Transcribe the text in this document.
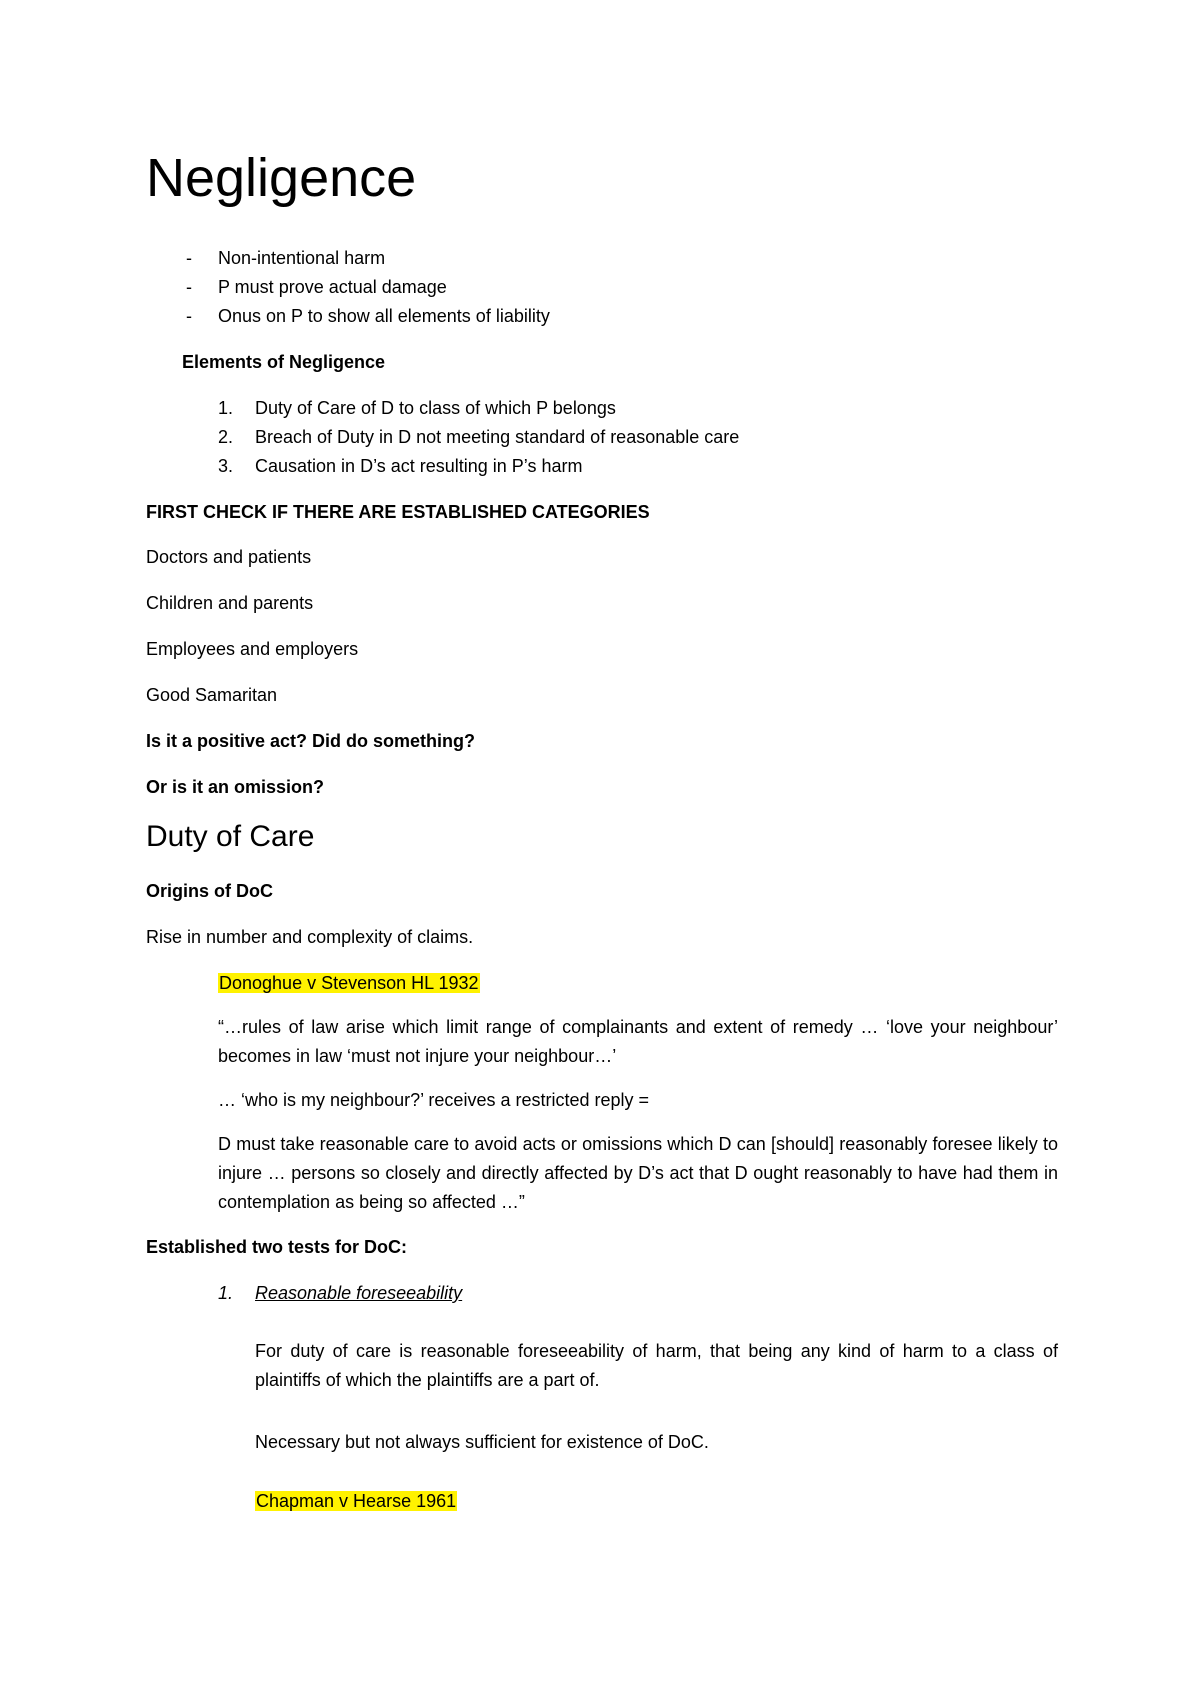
Negligence
- Non-intentional harm
- P must prove actual damage
- Onus on P to show all elements of liability
Elements of Negligence
1. Duty of Care of D to class of which P belongs
2. Breach of Duty in D not meeting standard of reasonable care
3. Causation in D’s act resulting in P’s harm
FIRST CHECK IF THERE ARE ESTABLISHED CATEGORIES
Doctors and patients
Children and parents
Employees and employers
Good Samaritan
Is it a positive act? Did do something?
Or is it an omission?
Duty of Care
Origins of DoC
Rise in number and complexity of claims.
Donoghue v Stevenson HL 1932
“…rules of law arise which limit range of complainants and extent of remedy … ‘love your neighbour’ becomes in law ‘must not injure your neighbour…’
… ‘who is my neighbour?’ receives a restricted reply =
D must take reasonable care to avoid acts or omissions which D can [should] reasonably foresee likely to injure … persons so closely and directly affected by D’s act that D ought reasonably to have had them in contemplation as being so affected …”
Established two tests for DoC:
1. Reasonable foreseeability
For duty of care is reasonable foreseeability of harm, that being any kind of harm to a class of plaintiffs of which the plaintiffs are a part of.
Necessary but not always sufficient for existence of DoC.
Chapman v Hearse 1961
